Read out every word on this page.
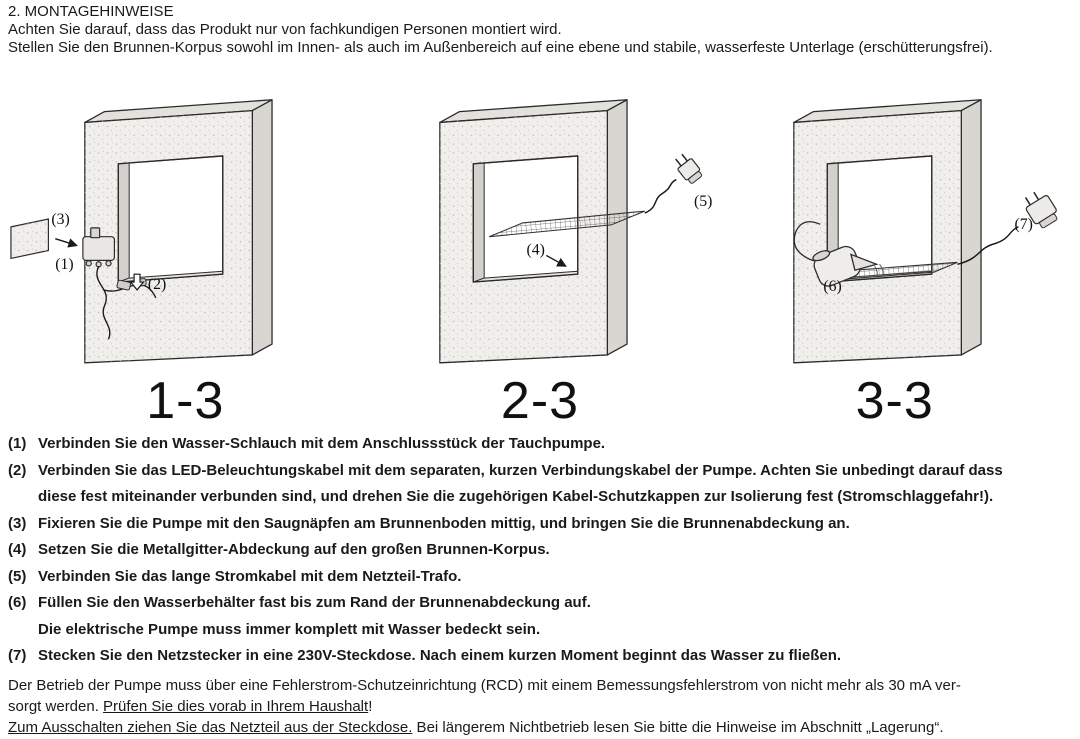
2. MONTAGEHINWEISE
Achten Sie darauf, dass das Produkt nur von fachkundigen Personen montiert wird.
Stellen Sie den Brunnen-Korpus sowohl im Innen- als auch im Außenbereich auf eine ebene und stabile, wasserfeste Unterlage (erschütterungsfrei).
(3)
(1)
(2)
1-3
(4)
(5)
2-3
(6)
(7)
3-3
(1) Verbinden Sie den Wasser-Schlauch mit dem Anschlussstück der Tauchpumpe.
(2) Verbinden Sie das LED-Beleuchtungskabel mit dem separaten, kurzen Verbindungskabel der Pumpe. Achten Sie unbedingt darauf dass
diese fest miteinander verbunden sind, und drehen Sie die zugehörigen Kabel-Schutzkappen zur Isolierung fest (Stromschlaggefahr!).
(3) Fixieren Sie die Pumpe mit den Saugnäpfen am Brunnenboden mittig, und bringen Sie die Brunnenabdeckung an.
(4) Setzen Sie die Metallgitter-Abdeckung auf den großen Brunnen-Korpus.
(5) Verbinden Sie das lange Stromkabel mit dem Netzteil-Trafo.
(6) Füllen Sie den Wasserbehälter fast bis zum Rand der Brunnenabdeckung auf.
Die elektrische Pumpe muss immer komplett mit Wasser bedeckt sein.
(7) Stecken Sie den Netzstecker in eine 230V-Steckdose. Nach einem kurzen Moment beginnt das Wasser zu fließen.
Der Betrieb der Pumpe muss über eine Fehlerstrom-Schutzeinrichtung (RCD) mit einem Bemessungsfehlerstrom von nicht mehr als 30 mA ver-
sorgt werden. Prüfen Sie dies vorab in Ihrem Haushalt!
Zum Ausschalten ziehen Sie das Netzteil aus der Steckdose. Bei längerem Nichtbetrieb lesen Sie bitte die Hinweise im Abschnitt „Lagerung“.
